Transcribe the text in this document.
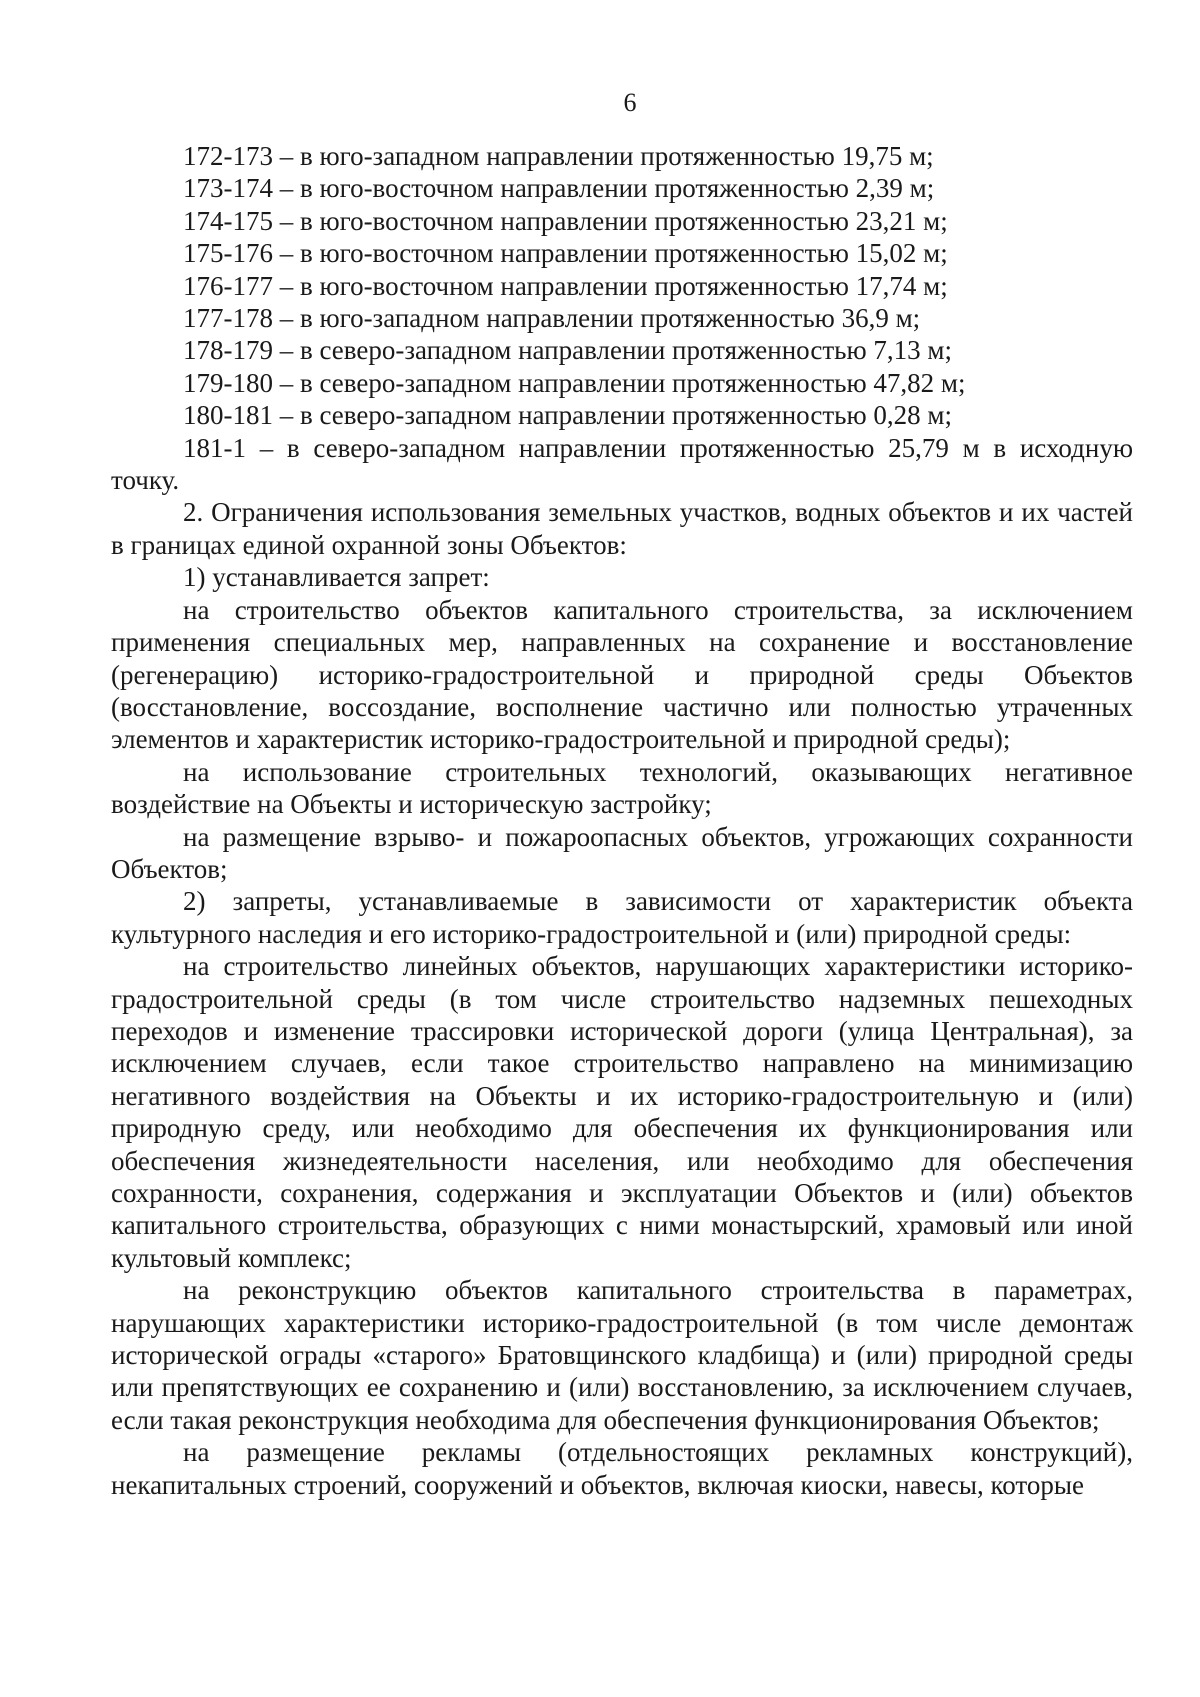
6
172-173 – в юго-западном направлении протяженностью 19,75 м;
173-174 – в юго-восточном направлении протяженностью 2,39 м;
174-175 – в юго-восточном направлении протяженностью 23,21 м;
175-176 – в юго-восточном направлении протяженностью 15,02 м;
176-177 – в юго-восточном направлении протяженностью 17,74 м;
177-178 – в юго-западном направлении протяженностью 36,9 м;
178-179 – в северо-западном направлении протяженностью 7,13 м;
179-180 – в северо-западном направлении протяженностью 47,82 м;
180-181 – в северо-западном направлении протяженностью 0,28 м;

181-1 – в северо-западном направлении протяженностью 25,79 м в исходную точку.

2. Ограничения использования земельных участков, водных объектов и их частей в границах единой охранной зоны Объектов:

1) устанавливается запрет:

на строительство объектов капитального строительства, за исключением применения специальных мер, направленных на сохранение и восстановление (регенерацию) историко-градостроительной и природной среды Объектов (восстановление, воссоздание, восполнение частично или полностью утраченных элементов и характеристик историко-градостроительной и природной среды);

на использование строительных технологий, оказывающих негативное воздействие на Объекты и историческую застройку;

на размещение взрыво- и пожароопасных объектов, угрожающих сохранности Объектов;

2) запреты, устанавливаемые в зависимости от характеристик объекта культурного наследия и его историко-градостроительной и (или) природной среды:

на строительство линейных объектов, нарушающих характеристики историко-градостроительной среды (в том числе строительство надземных пешеходных переходов и изменение трассировки исторической дороги (улица Центральная), за исключением случаев, если такое строительство направлено на минимизацию негативного воздействия на Объекты и их историко-градостроительную и (или) природную среду, или необходимо для обеспечения их функционирования или обеспечения жизнедеятельности населения, или необходимо для обеспечения сохранности, сохранения, содержания и эксплуатации Объектов и (или) объектов капитального строительства, образующих с ними монастырский, храмовый или иной культовый комплекс;

на реконструкцию объектов капитального строительства в параметрах, нарушающих характеристики историко-градостроительной (в том числе демонтаж исторической ограды «старого» Братовщинского кладбища) и (или) природной среды или препятствующих ее сохранению и (или) восстановлению, за исключением случаев, если такая реконструкция необходима для обеспечения функционирования Объектов;

на размещение рекламы (отдельностоящих рекламных конструкций), некапитальных строений, сооружений и объектов, включая киоски, навесы, которые
